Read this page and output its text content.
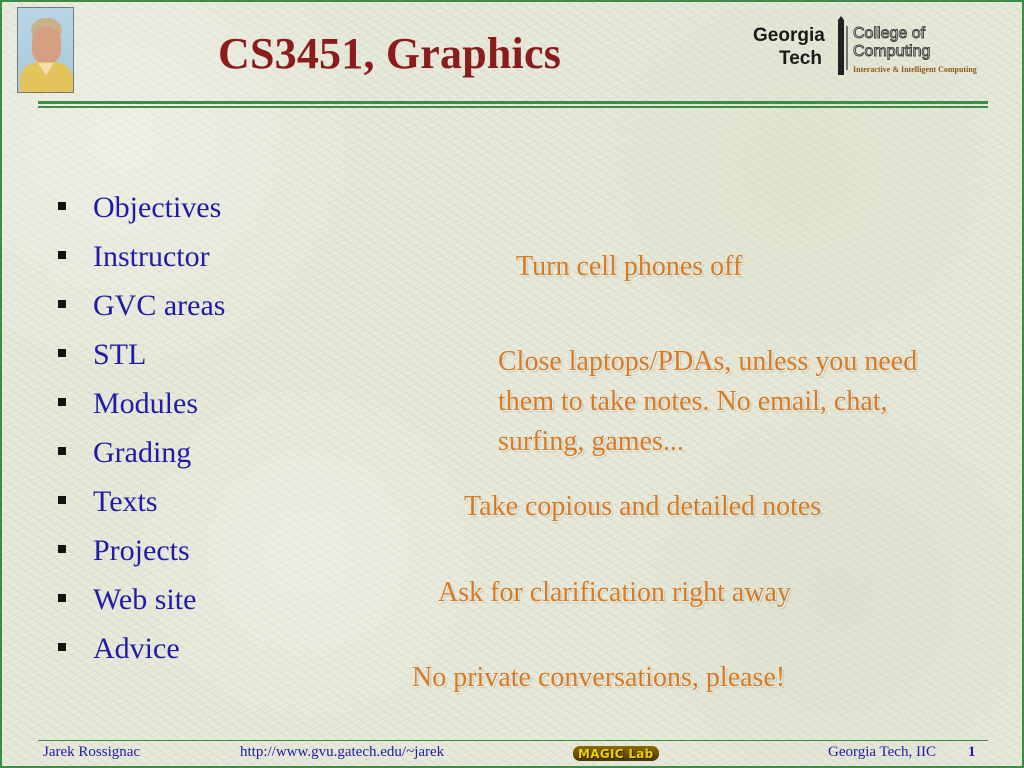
CS3451, Graphics	Georgia
Tech
College of
Computing
Interactive & Intelligent Computing
Objectives
Instructor
GVC areas
STL
Modules
Grading
Texts
Projects
Web site
Advice
Turn cell phones off
Close laptops/PDAs, unless you need them to take notes. No email, chat, surfing, games...
Take copious and detailed notes
Ask for clarification right away
No private conversations, please!
Jarek Rossignac	http://www.gvu.gatech.edu/~jarek	MAGIC Lab	Georgia Tech, IIC 1
